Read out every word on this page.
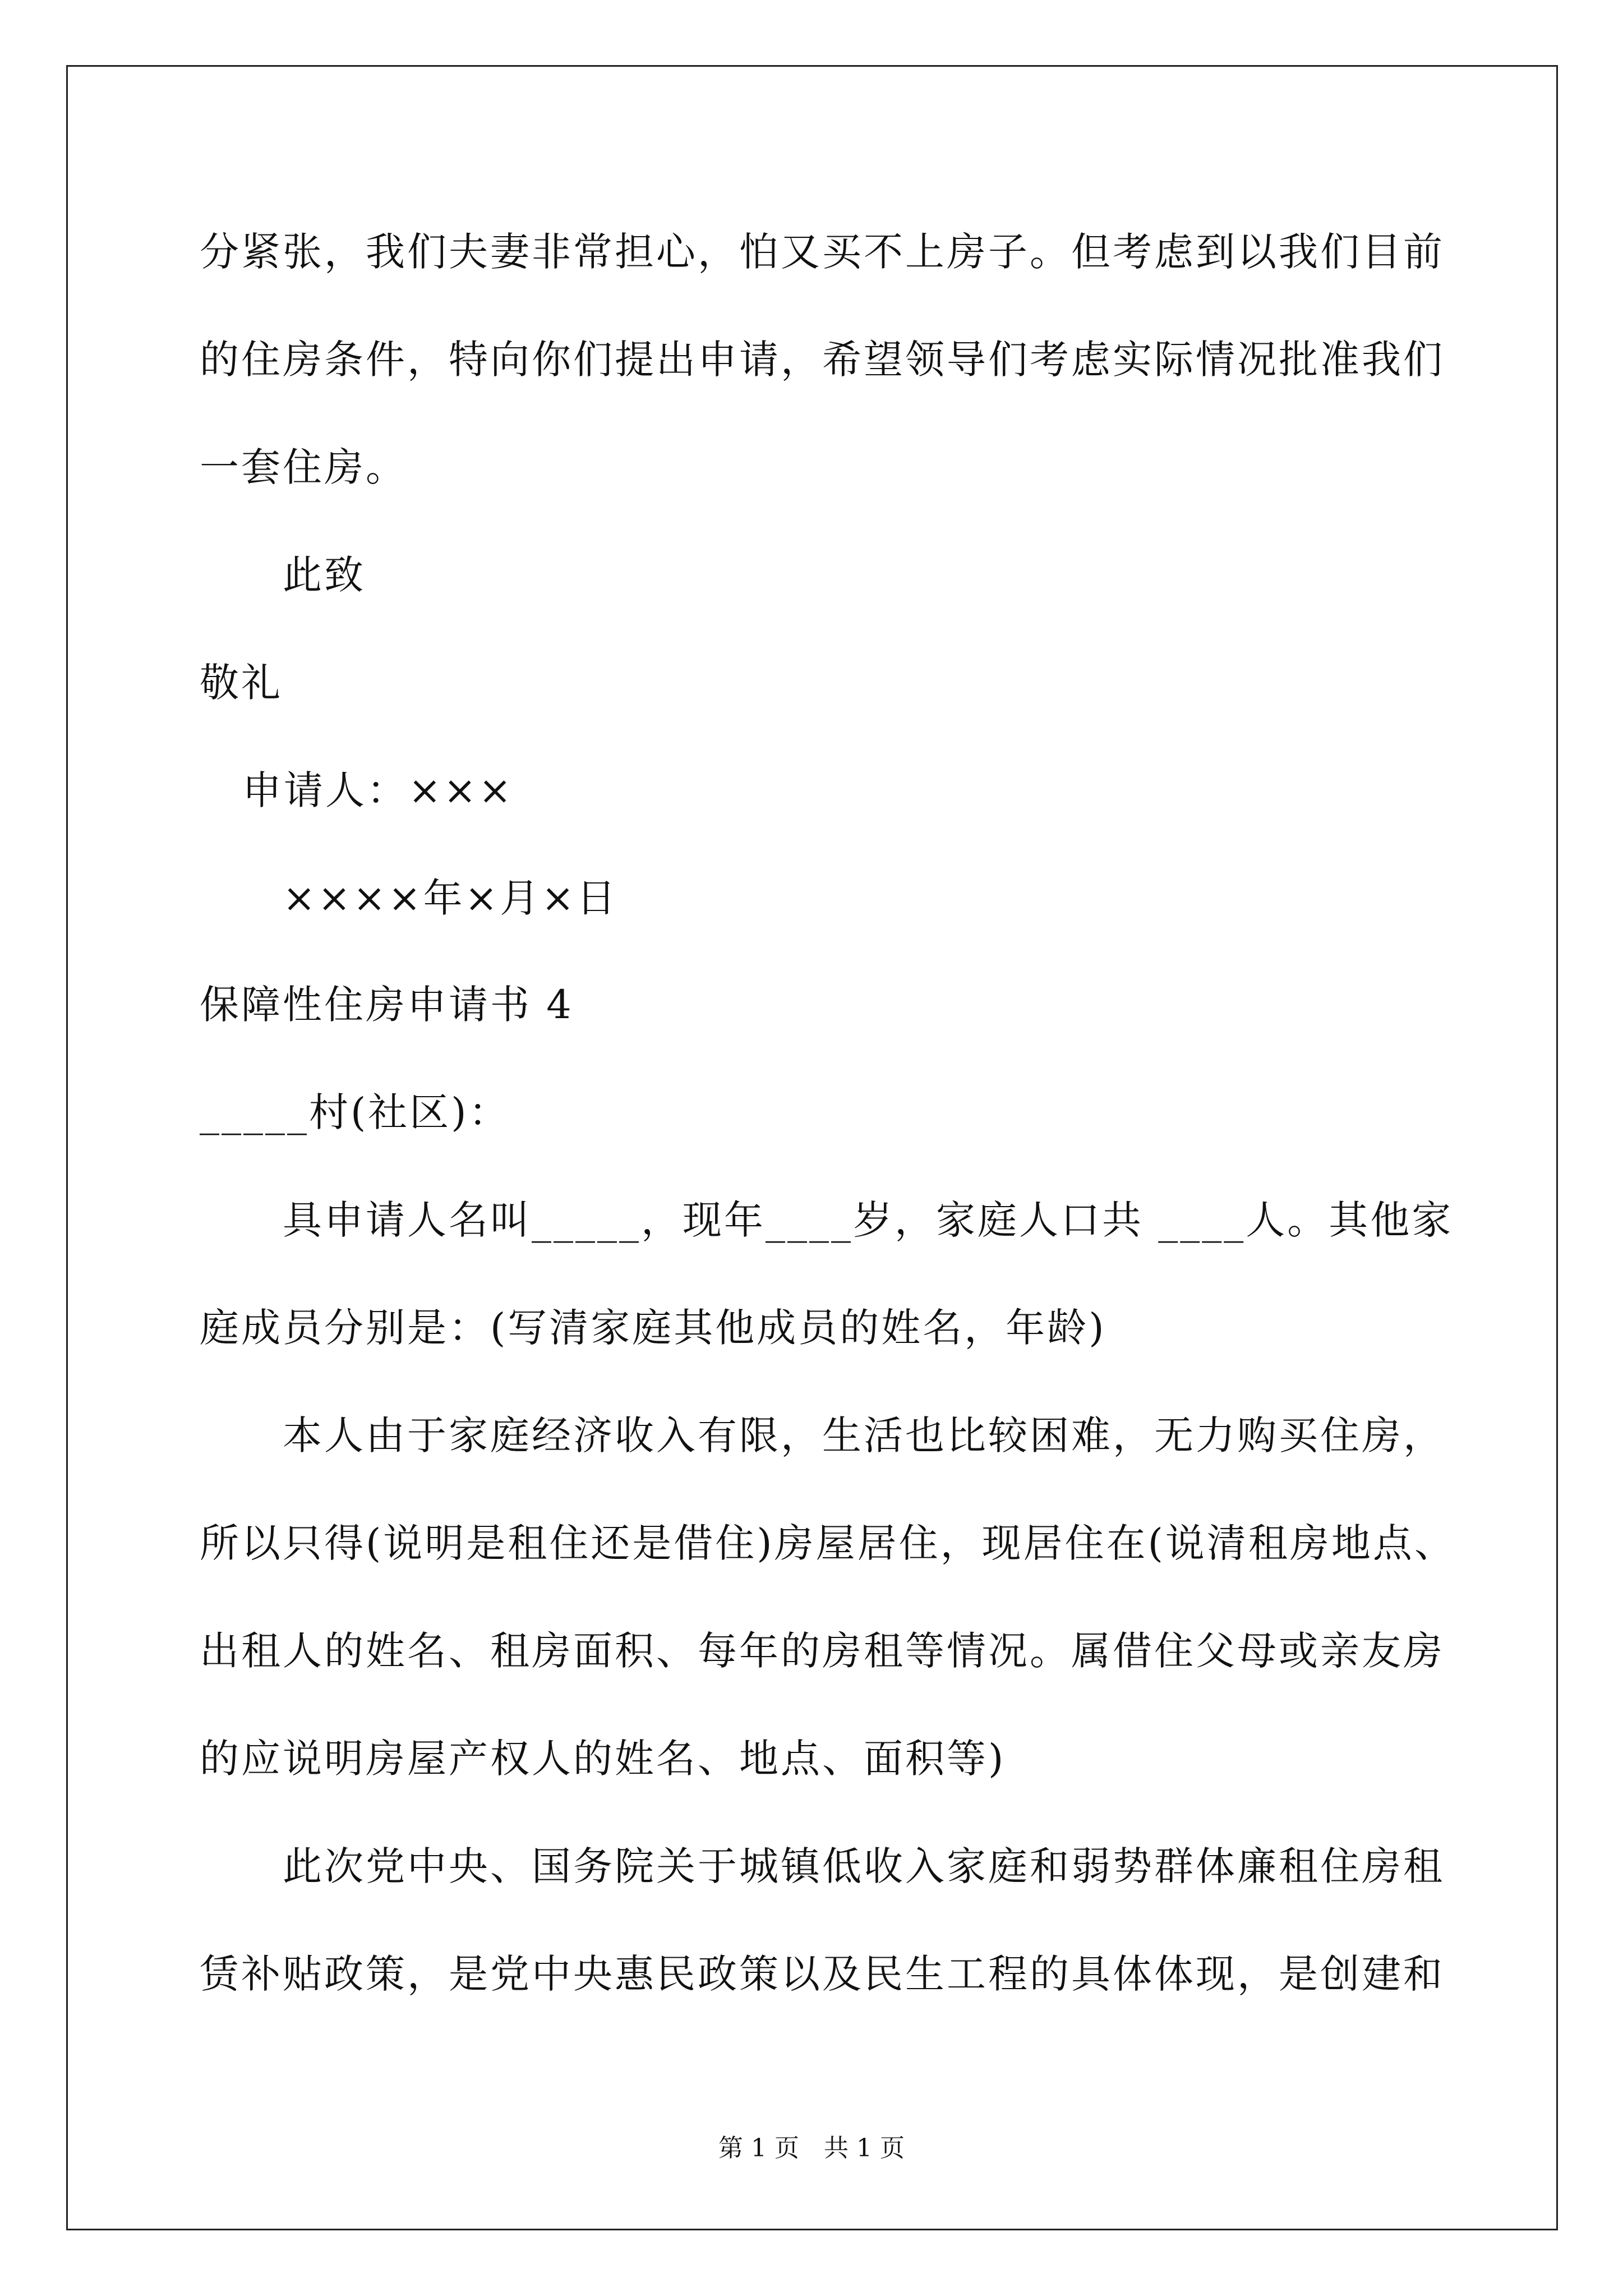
分紧张，我们夫妻非常担心，怕又买不上房子。但考虑到以我们目前
的住房条件，特向你们提出申请，希望领导们考虑实际情况批准我们
一套住房。
此致
敬礼
申请人：×××
××××年×月×日
保障性住房申请书 4
_____村(社区)：
具申请人名叫_____，现年____岁，家庭人口共 ____人。其他家
庭成员分别是：(写清家庭其他成员的姓名，年龄)
本人由于家庭经济收入有限，生活也比较困难，无力购买住房，
所以只得(说明是租住还是借住)房屋居住，现居住在(说清租房地点、
出租人的姓名、租房面积、每年的房租等情况。属借住父母或亲友房
的应说明房屋产权人的姓名、地点、面积等)
此次党中央、国务院关于城镇低收入家庭和弱势群体廉租住房租
赁补贴政策，是党中央惠民政策以及民生工程的具体体现，是创建和
第 1 页　共 1 页
